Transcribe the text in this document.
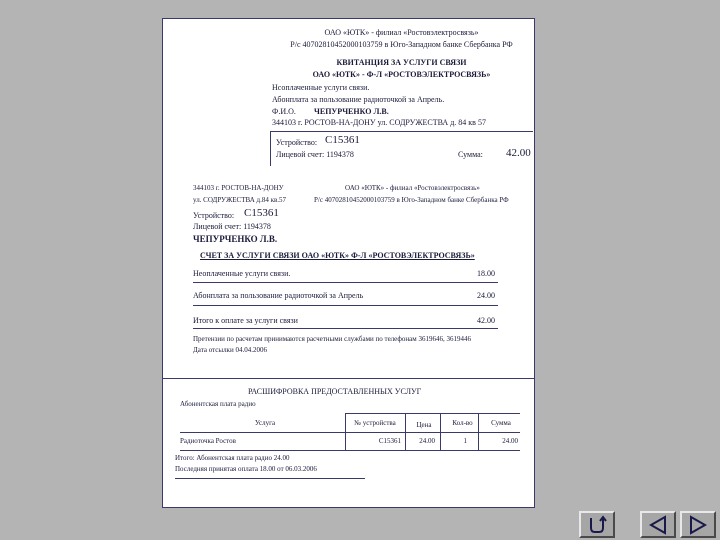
ОАО «ЮТК» - филиал «Ростовэлектросвязь»
Р/с 40702810452000103759 в Юго-Западном банке Сбербанка РФ
КВИТАНЦИЯ ЗА УСЛУГИ СВЯЗИ
ОАО «ЮТК» - Ф-Л «РОСТОВЭЛЕКТРОСВЯЗЬ»
Нсоплаченные услуги связи.
Абонплата за пользование радиоточкой за Апрель.
Ф.И.О. ЧЕПУРЧЕНКО Л.В.
344103 г. РОСТОВ-НА-ДОНУ ул. СОДРУЖЕСТВА д. 84 кв 57
Устройство: С15361
Лицевой счет: 1194378	Сумма: 42.00
344103 г. РОСТОВ-НА-ДОНУ
ул. СОДРУЖЕСТВА д.84 кв.57
ОАО «ЮТК» - филиал «Ростовэлектросвязь»
Р/с 40702810452000103759 в Юго-Западном банке Сбербанка РФ
Устройство: С15361
Лицевой счет: 1194378
ЧЕПУРЧЕНКО Л.В.
СЧЕТ ЗА УСЛУГИ СВЯЗИ ОАО «ЮТК» Ф-Л «РОСТОВЭЛЕКТРОСВЯЗЬ»
Неоплаченные услуги связи.	18.00
Абонплата за пользование радиоточкой за Апрель	24.00
Итого к оплате за услуги связи	42.00
Претензии по расчетам принимаются расчетными службами по телефонам 3619646, 3619446
Дата отсылки 04.04.2006
РАСШИФРОВКА ПРЕДОСТАВЛЕННЫХ УСЛУГ
Абонентская плата радио
Услуга	№ устройства	Цена	Кол-во	Сумма
Радиоточка Ростов	С15361	24.00	1	24.00
Итого: Абонентская плата радио 24.00
Последняя принятая оплата 18.00 от 06.03.2006
